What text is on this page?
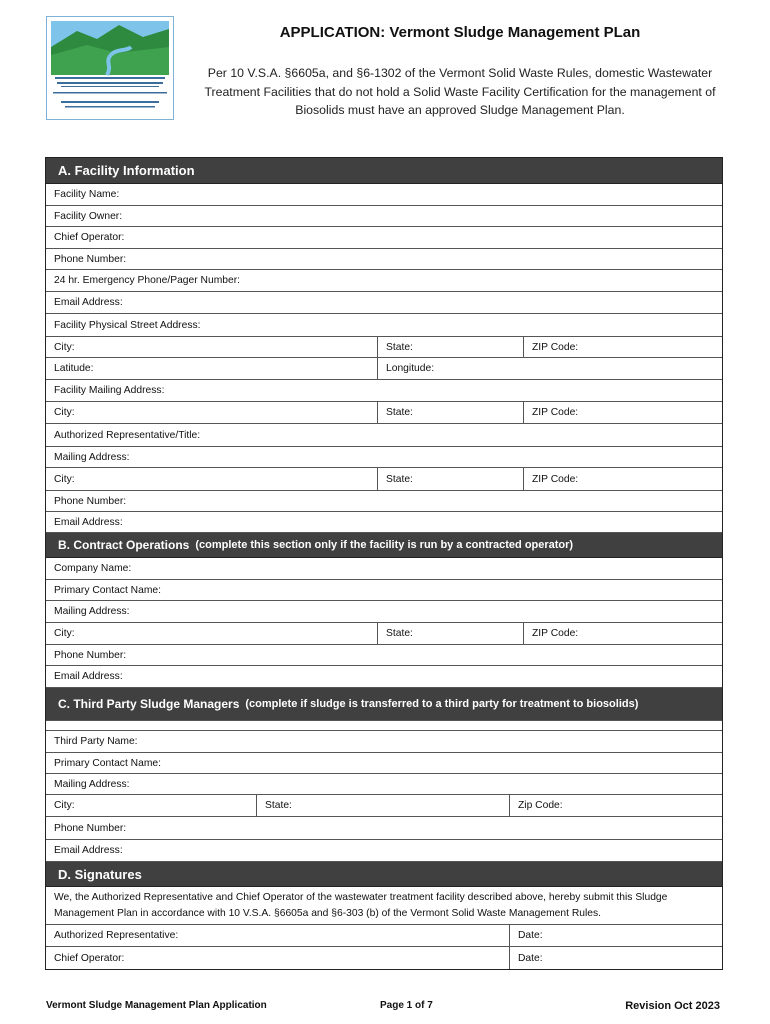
APPLICATION: Vermont Sludge Management PLan
Per 10 V.S.A. §6605a, and §6-1302 of the Vermont Solid Waste Rules, domestic Wastewater Treatment Facilities that do not hold a Solid Waste Facility Certification for the management of Biosolids must have an approved Sludge Management Plan.
A. Facility Information
Facility Name:
Facility Owner:
Chief Operator:
Phone Number:
24 hr. Emergency Phone/Pager Number:
Email Address:
Facility Physical Street Address:
City:	State:	ZIP Code:
Latitude:	Longitude:
Facility Mailing Address:
City:	State:	ZIP Code:
Authorized Representative/Title:
Mailing Address:
City:	State:	ZIP Code:
Phone Number:
Email Address:
B. Contract Operations (complete this section only if the facility is run by a contracted operator)
Company Name:
Primary Contact Name:
Mailing Address:
City:	State:	ZIP Code:
Phone Number:
Email Address:
C. Third Party Sludge Managers (complete if sludge is transferred to a third party for treatment to biosolids)
Third Party Name:
Primary Contact Name:
Mailing Address:
City:	State:	Zip Code:
Phone Number:
Email Address:
D. Signatures
We, the Authorized Representative and Chief Operator of the wastewater treatment facility described above, hereby submit this Sludge Management Plan in accordance with 10 V.S.A. §6605a and §6-303 (b) of the Vermont Solid Waste Management Rules.
Authorized Representative:	Date:
Chief Operator:	Date:
Vermont Sludge Management Plan Application	Page 1 of 7	Revision Oct 2023
